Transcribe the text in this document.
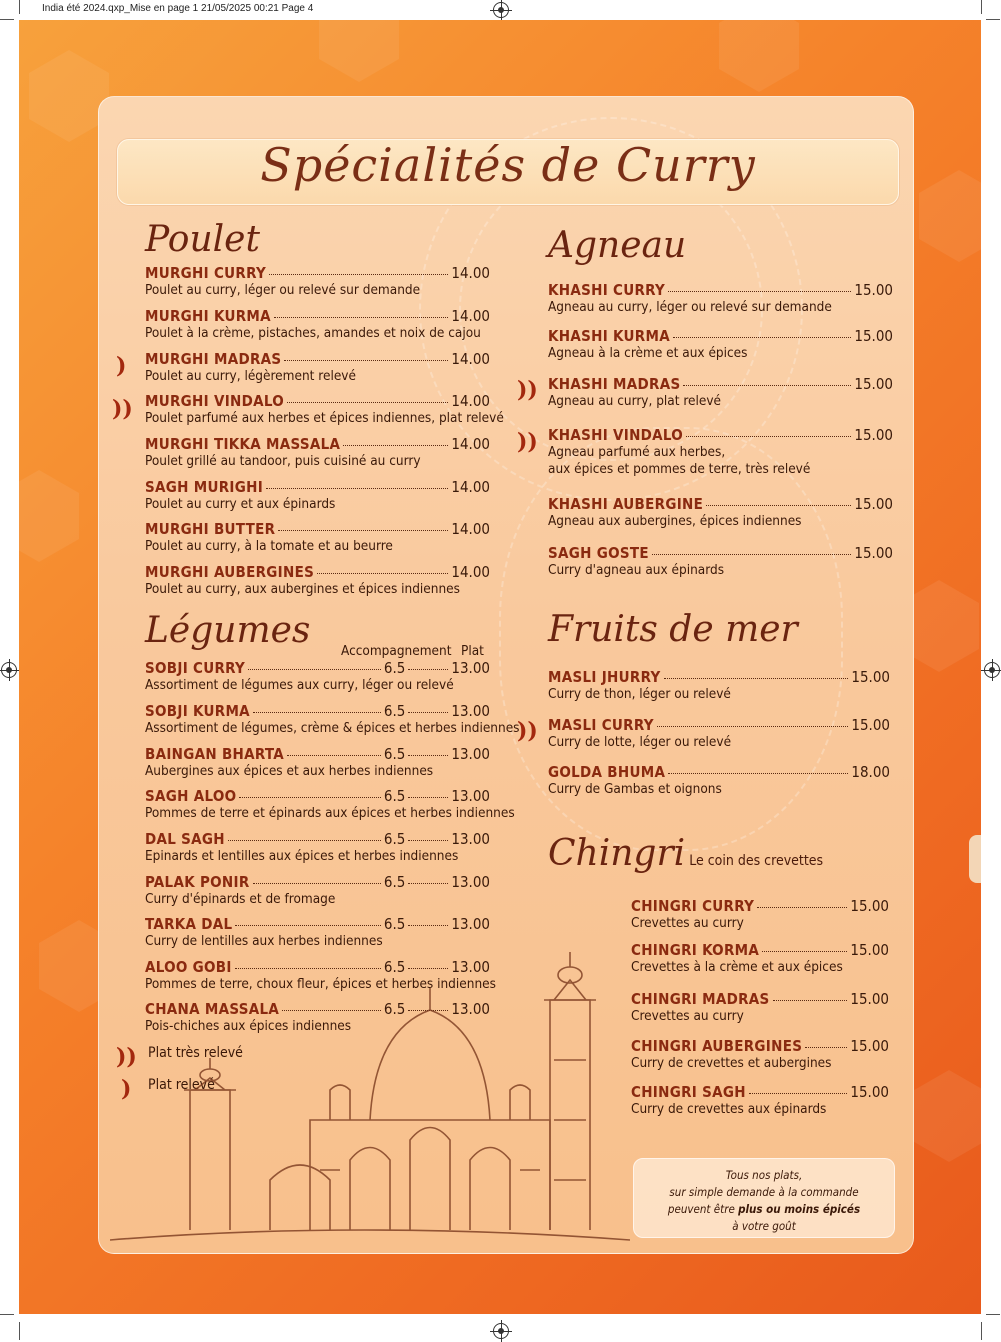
India été 2024.qxp_Mise en page 1 21/05/2025 00:21 Page 4
Spécialités de Curry
Poulet
Légumes Accompagnement Plat
Agneau
Fruits de mer
Chingri Le coin des crevettes
MURGHI CURRY	14.00
Poulet au curry, léger ou relevé sur demande
MURGHI KURMA	14.00
Poulet à la crème, pistaches, amandes et noix de cajou
MURGHI MADRAS	14.00
Poulet au curry, légèrement relevé
MURGHI VINDALO	14.00
Poulet parfumé aux herbes et épices indiennes, plat relevé
MURGHI TIKKA MASSALA	14.00
Poulet grillé au tandoor, puis cuisiné au curry
SAGH MURIGHI	14.00
Poulet au curry et aux épinards
MURGHI BUTTER	14.00
Poulet au curry, à la tomate et au beurre
MURGHI AUBERGINES	14.00
Poulet au curry, aux aubergines et épices indiennes
SOBJI CURRY	6.5	13.00
Assortiment de légumes aux curry, léger ou relevé
SOBJI KURMA	6.5	13.00
Assortiment de légumes, crème & épices et herbes indiennes
BAINGAN BHARTA	6.5	13.00
Aubergines aux épices et aux herbes indiennes
SAGH ALOO	6.5	13.00
Pommes de terre et épinards aux épices et herbes indiennes
DAL SAGH	6.5	13.00
Epinards et lentilles aux épices et herbes indiennes
PALAK PONIR	6.5	13.00
Curry d'épinards et de fromage
TARKA DAL	6.5	13.00
Curry de lentilles aux herbes indiennes
ALOO GOBI	6.5	13.00
Pommes de terre, choux fleur, épices et herbes indiennes
CHANA MASSALA	6.5	13.00
Pois-chiches aux épices indiennes
KHASHI CURRY	15.00
Agneau au curry, léger ou relevé sur demande
KHASHI KURMA	15.00
Agneau à la crème et aux épices
KHASHI MADRAS	15.00
Agneau au curry, plat relevé
KHASHI VINDALO	15.00
Agneau parfumé aux herbes,
aux épices et pommes de terre, très relevé
KHASHI AUBERGINE	15.00
Agneau aux aubergines, épices indiennes
SAGH GOSTE	15.00
Curry d'agneau aux épinards
MASLI JHURRY	15.00
Curry de thon, léger ou relevé
MASLI CURRY	15.00
Curry de lotte, léger ou relevé
GOLDA BHUMA	18.00
Curry de Gambas et oignons
CHINGRI CURRY	15.00
Crevettes au curry
CHINGRI KORMA	15.00
Crevettes à la crème et aux épices
CHINGRI MADRAS	15.00
Crevettes au curry
CHINGRI AUBERGINES	15.00
Curry de crevettes et aubergines
CHINGRI SAGH	15.00
Curry de crevettes aux épinards
)
))
))
))
))
))
)
Plat très relevé
Plat relevé
Tous nos plats,
sur simple demande à la commande
peuvent être plus ou moins épicés
à votre goût
